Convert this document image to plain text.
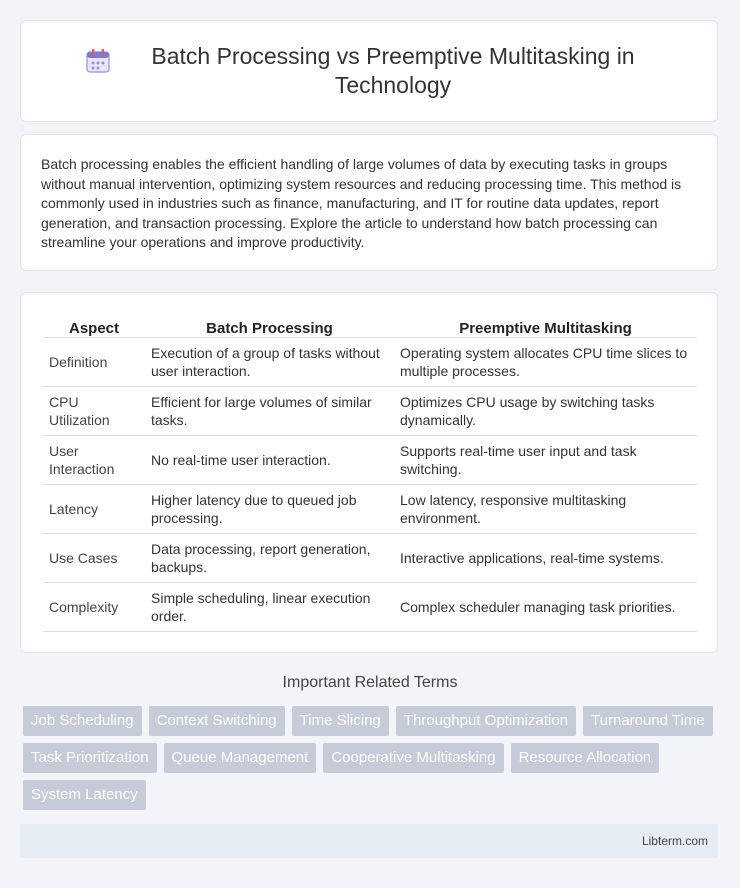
Batch Processing vs Preemptive Multitasking in Technology

Batch processing enables the efficient handling of large volumes of data by executing tasks in groups without manual intervention, optimizing system resources and reducing processing time. This method is commonly used in industries such as finance, manufacturing, and IT for routine data updates, report generation, and transaction processing. Explore the article to understand how batch processing can streamline your operations and improve productivity.

Aspect	Batch Processing	Preemptive Multitasking
Definition	Execution of a group of tasks without user interaction.	Operating system allocates CPU time slices to multiple processes.
CPU Utilization	Efficient for large volumes of similar tasks.	Optimizes CPU usage by switching tasks dynamically.
User Interaction	No real-time user interaction.	Supports real-time user input and task switching.
Latency	Higher latency due to queued job processing.	Low latency, responsive multitasking environment.
Use Cases	Data processing, report generation, backups.	Interactive applications, real-time systems.
Complexity	Simple scheduling, linear execution order.	Complex scheduler managing task priorities.
Important Related Terms
Job Scheduling	Context Switching	Time Slicing	Throughput Optimization	Turnaround Time
Task Prioritization	Queue Management	Cooperative Multitasking	Resource Allocation
System Latency
Libterm.com
